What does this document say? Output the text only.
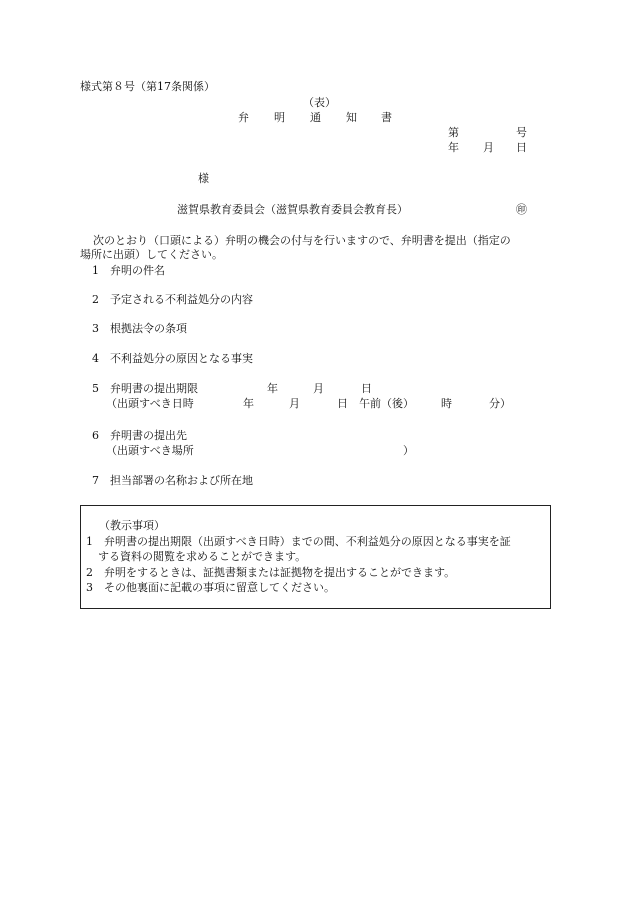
様式第８号（第17条関係）
（表）
弁 明 通 知 書
第	号
年 月 日
様
滋賀県教育委員会（滋賀県教育委員会教育長）	㊞
次のとおり（口頭による）弁明の機会の付与を行いますので、弁明書を提出（指定の
場所に出頭）してください。
1　弁明の件名
2　予定される不利益処分の内容
3　根拠法令の条項
4　不利益処分の原因となる事実
5　弁明書の提出期限	年	月	日
（出頭すべき日時	年	月	日 午前（後） 時	分）
6　弁明書の提出先
（出頭すべき場所	）
7　担当部署の名称および所在地
（教示事項）
1　弁明書の提出期限（出頭すべき日時）までの間、不利益処分の原因となる事実を証
する資料の閲覧を求めることができます。
2　弁明をするときは、証拠書類または証拠物を提出することができます。
3　その他裏面に記載の事項に留意してください。
